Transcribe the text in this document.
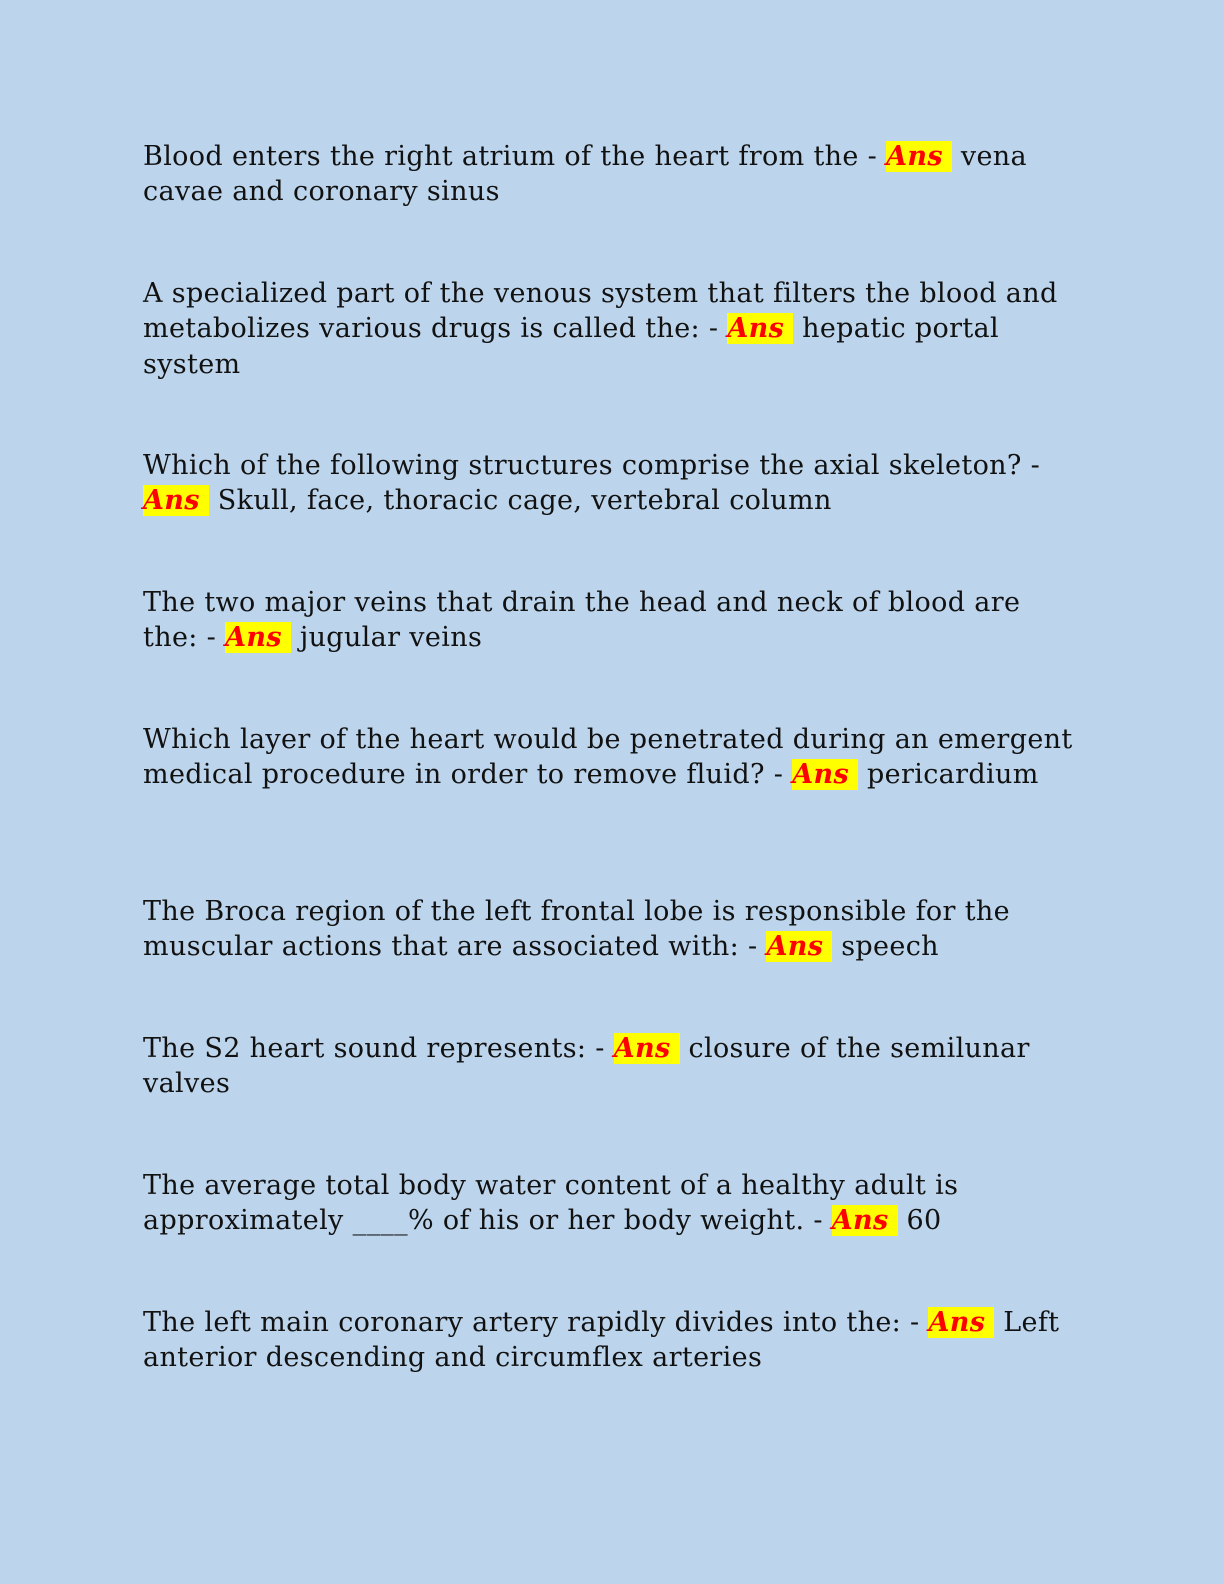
Blood enters the right atrium of the heart from the - Ans vena cavae and coronary sinus

A specialized part of the venous system that filters the blood and metabolizes various drugs is called the: - Ans hepatic portal system

Which of the following structures comprise the axial skeleton? - Ans Skull, face, thoracic cage, vertebral column

The two major veins that drain the head and neck of blood are the: - Ans jugular veins

Which layer of the heart would be penetrated during an emergent medical procedure in order to remove fluid? - Ans pericardium

The Broca region of the left frontal lobe is responsible for the muscular actions that are associated with: - Ans speech

The S2 heart sound represents: - Ans closure of the semilunar valves

The average total body water content of a healthy adult is approximately ____% of his or her body weight. - Ans 60

The left main coronary artery rapidly divides into the: - Ans Left anterior descending and circumflex arteries
